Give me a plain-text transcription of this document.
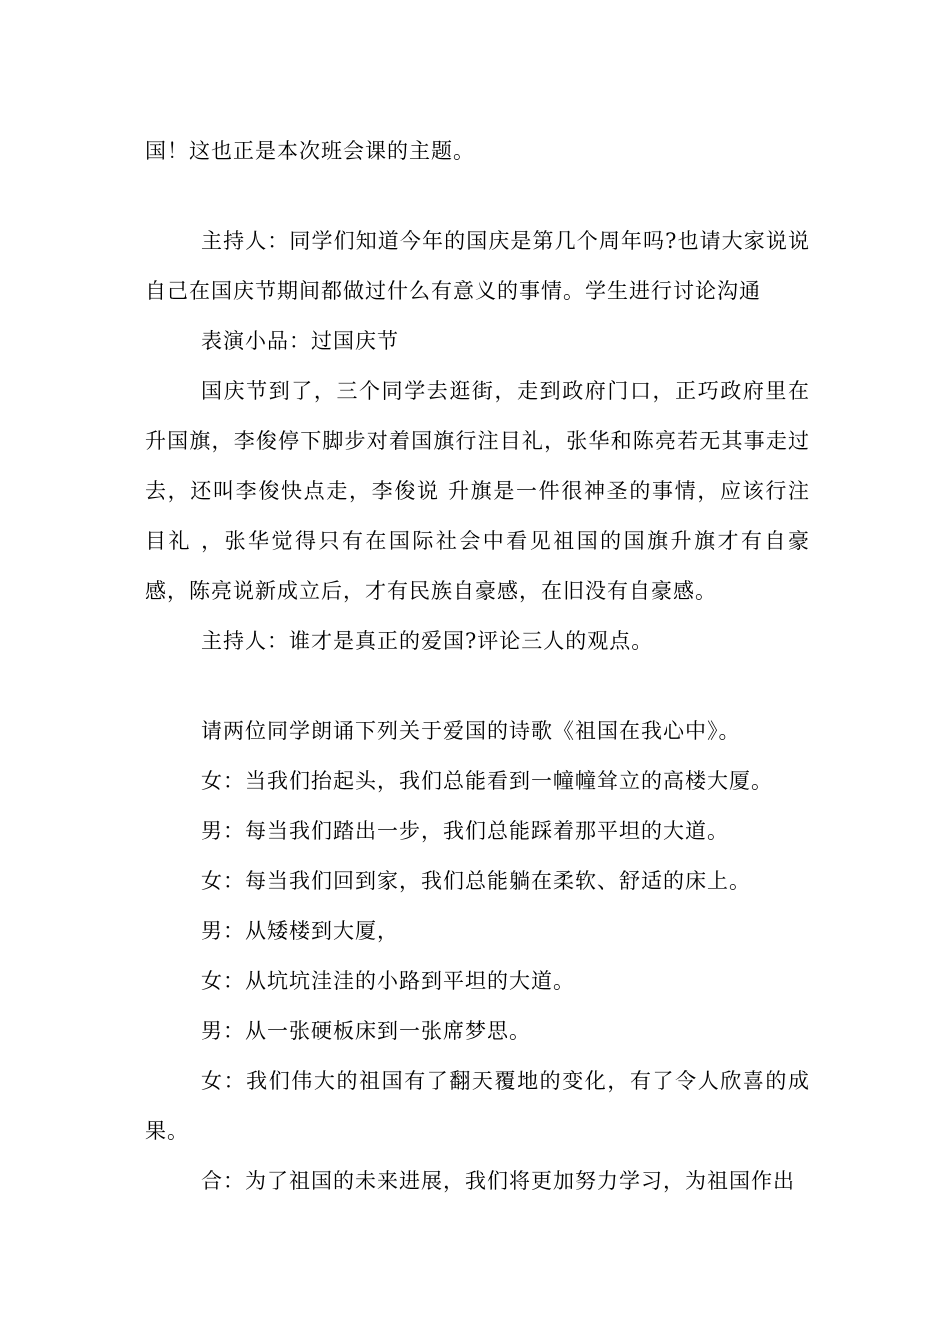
国！这也正是本次班会课的主题。

主持人：同学们知道今年的国庆是第几个周年吗?也请大家说说自己在国庆节期间都做过什么有意义的事情。学生进行讨论沟通

表演小品：过国庆节

国庆节到了，三个同学去逛街，走到政府门口，正巧政府里在升国旗，李俊停下脚步对着国旗行注目礼，张华和陈亮若无其事走过去，还叫李俊快点走，李俊说 升旗是一件很神圣的事情，应该行注目礼 ，张华觉得只有在国际社会中看见祖国的国旗升旗才有自豪感，陈亮说新成立后，才有民族自豪感，在旧没有自豪感。

主持人：谁才是真正的爱国?评论三人的观点。

请两位同学朗诵下列关于爱国的诗歌《祖国在我心中》。

女：当我们抬起头，我们总能看到一幢幢耸立的高楼大厦。

男：每当我们踏出一步，我们总能踩着那平坦的大道。

女：每当我们回到家，我们总能躺在柔软、舒适的床上。

男：从矮楼到大厦，

女：从坑坑洼洼的小路到平坦的大道。

男：从一张硬板床到一张席梦思。

女：我们伟大的祖国有了翻天覆地的变化，有了令人欣喜的成果。

合：为了祖国的未来进展，我们将更加努力学习，为祖国作出
